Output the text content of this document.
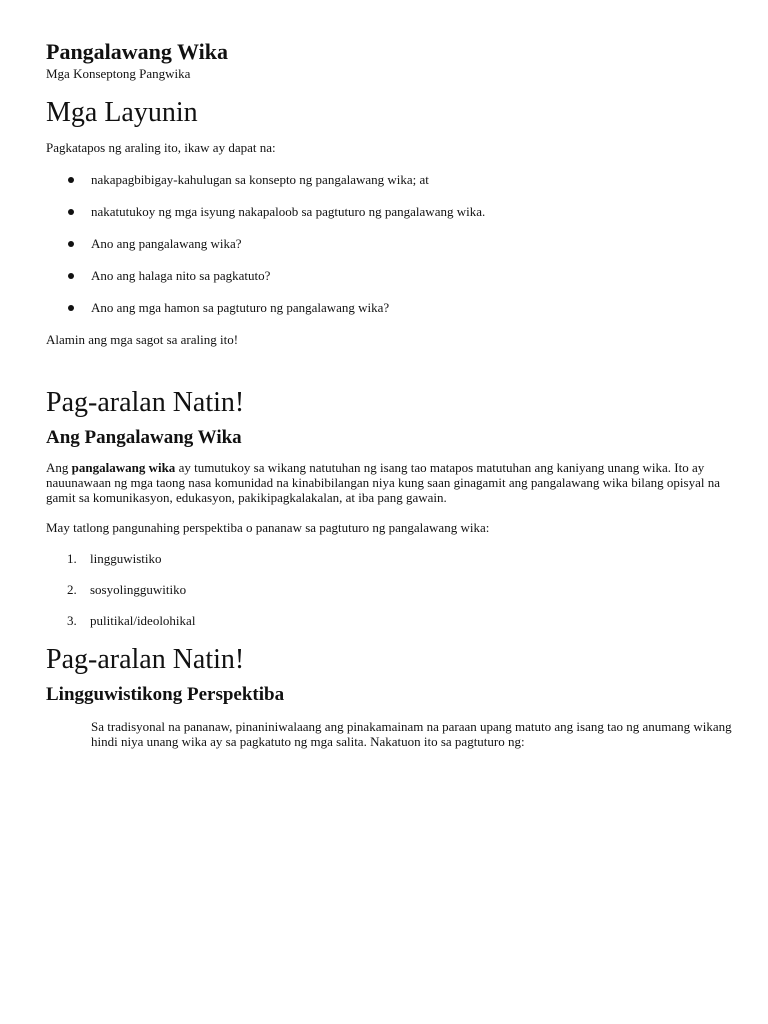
Pangalawang Wika

Mga Konseptong Pangwika

Mga Layunin

Pagkatapos ng araling ito, ikaw ay dapat na:

nakapagbibigay-kahulugan sa konsepto ng pangalawang wika; at
nakatutukoy ng mga isyung nakapaloob sa pagtuturo ng pangalawang wika.
Ano ang pangalawang wika?
Ano ang halaga nito sa pagkatuto?
Ano ang mga hamon sa pagtuturo ng pangalawang wika?

Alamin ang mga sagot sa araling ito!

Pag-aralan Natin!
Ang Pangalawang Wika

Ang pangalawang wika ay tumutukoy sa wikang natutuhan ng isang tao matapos matutuhan ang kaniyang unang wika. Ito ay nauunawaan ng mga taong nasa komunidad na kinabibilangan niya kung saan ginagamit ang pangalawang wika bilang opisyal na gamit sa komunikasyon, edukasyon, pakikipagkalakalan, at iba pang gawain.

May tatlong pangunahing perspektiba o pananaw sa pagtuturo ng pangalawang wika:

1. lingguwistiko
2. sosyolingguwitiko
3. pulitikal/ideolohikal
Pag-aralan Natin!
Lingguwistikong Perspektiba

Sa tradisyonal na pananaw, pinaniniwalaang ang pinakamainam na paraan upang matuto ang isang tao ng anumang wikang hindi niya unang wika ay sa pagkatuto ng mga salita. Nakatuon ito sa pagtuturo ng:
